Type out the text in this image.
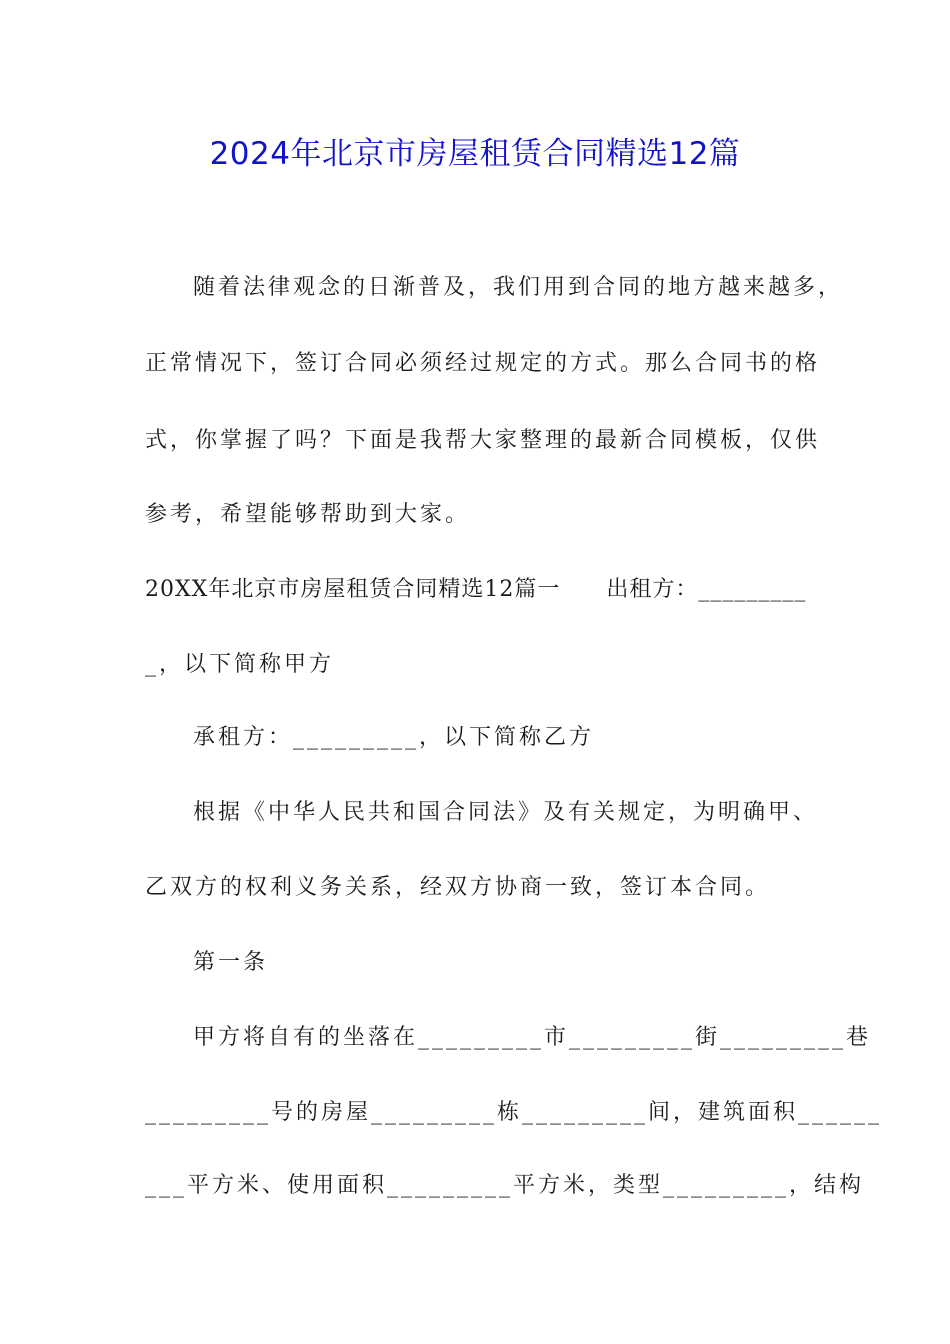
2024年北京市房屋租赁合同精选12篇
随着法律观念的日渐普及，我们用到合同的地方越来越多，
正常情况下，签订合同必须经过规定的方式。那么合同书的格
式，你掌握了吗？下面是我帮大家整理的最新合同模板，仅供
参考，希望能够帮助到大家。
20XX年北京市房屋租赁合同精选12篇一　　出租方：_________
_，以下简称甲方
承租方：_________，以下简称乙方
根据《中华人民共和国合同法》及有关规定，为明确甲、
乙双方的权利义务关系，经双方协商一致，签订本合同。
第一条
甲方将自有的坐落在_________市_________街_________巷
_________号的房屋_________栋_________间，建筑面积______
___平方米、使用面积_________平方米，类型_________，结构
